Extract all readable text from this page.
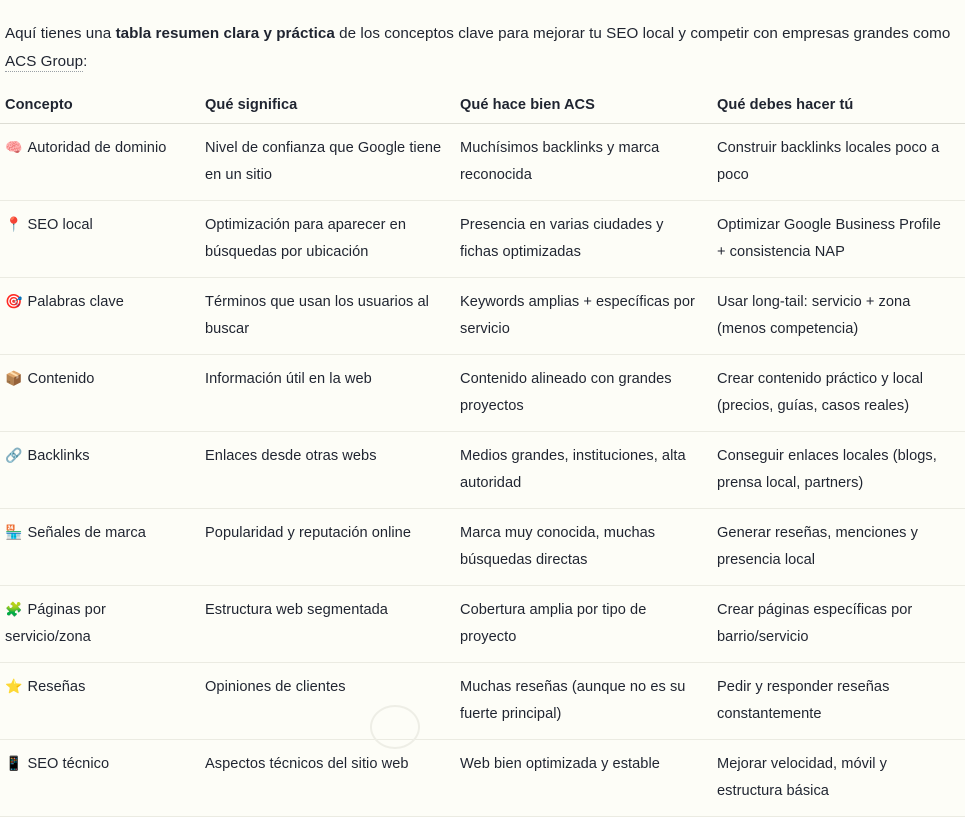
Aquí tienes una tabla resumen clara y práctica de los conceptos clave para mejorar tu SEO local y competir con empresas grandes como ACS Group:

Concepto	Qué significa	Qué hace bien ACS	Qué debes hacer tú
🧠 Autoridad de dominio	Nivel de confianza que Google tiene en un sitio	Muchísimos backlinks y marca reconocida	Construir backlinks locales poco a poco
📍 SEO local	Optimización para aparecer en búsquedas por ubicación	Presencia en varias ciudades y fichas optimizadas	Optimizar Google Business Profile + consistencia NAP
🎯 Palabras clave	Términos que usan los usuarios al buscar	Keywords amplias + específicas por servicio	Usar long-tail: servicio + zona (menos competencia)
📦 Contenido	Información útil en la web	Contenido alineado con grandes proyectos	Crear contenido práctico y local (precios, guías, casos reales)
🔗 Backlinks	Enlaces desde otras webs	Medios grandes, instituciones, alta autoridad	Conseguir enlaces locales (blogs, prensa local, partners)
🏪 Señales de marca	Popularidad y reputación online	Marca muy conocida, muchas búsquedas directas	Generar reseñas, menciones y presencia local
🧩 Páginas por servicio/zona	Estructura web segmentada	Cobertura amplia por tipo de proyecto	Crear páginas específicas por barrio/servicio
⭐ Reseñas	Opiniones de clientes	Muchas reseñas (aunque no es su fuerte principal)	Pedir y responder reseñas constantemente
📱 SEO técnico	Aspectos técnicos del sitio web	Web bien optimizada y estable	Mejorar velocidad, móvil y estructura básica
